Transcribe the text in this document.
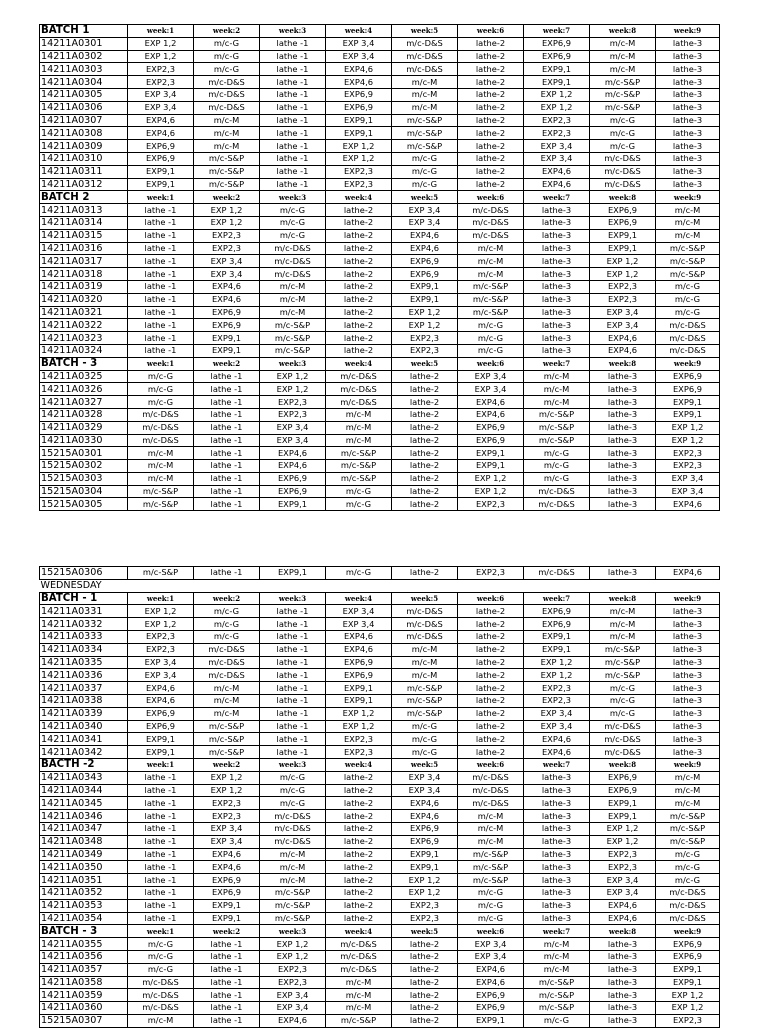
BATCH 1	week:1	week:2	week:3	week:4	week:5	week:6	week:7	week:8	week:9
14211A0301	EXP 1,2	m/c-G	lathe -1	EXP 3,4	m/c-D&S	lathe-2	EXP6,9	m/c-M	lathe-3
14211A0302	EXP 1,2	m/c-G	lathe -1	EXP 3,4	m/c-D&S	lathe-2	EXP6,9	m/c-M	lathe-3
14211A0303	EXP2,3	m/c-G	lathe -1	EXP4,6	m/c-D&S	lathe-2	EXP9,1	m/c-M	lathe-3
14211A0304	EXP2,3	m/c-D&S	lathe -1	EXP4,6	m/c-M	lathe-2	EXP9,1	m/c-S&P	lathe-3
14211A0305	EXP 3,4	m/c-D&S	lathe -1	EXP6,9	m/c-M	lathe-2	EXP 1,2	m/c-S&P	lathe-3
14211A0306	EXP 3,4	m/c-D&S	lathe -1	EXP6,9	m/c-M	lathe-2	EXP 1,2	m/c-S&P	lathe-3
14211A0307	EXP4,6	m/c-M	lathe -1	EXP9,1	m/c-S&P	lathe-2	EXP2,3	m/c-G	lathe-3
14211A0308	EXP4,6	m/c-M	lathe -1	EXP9,1	m/c-S&P	lathe-2	EXP2,3	m/c-G	lathe-3
14211A0309	EXP6,9	m/c-M	lathe -1	EXP 1,2	m/c-S&P	lathe-2	EXP 3,4	m/c-G	lathe-3
14211A0310	EXP6,9	m/c-S&P	lathe -1	EXP 1,2	m/c-G	lathe-2	EXP 3,4	m/c-D&S	lathe-3
14211A0311	EXP9,1	m/c-S&P	lathe -1	EXP2,3	m/c-G	lathe-2	EXP4,6	m/c-D&S	lathe-3
14211A0312	EXP9,1	m/c-S&P	lathe -1	EXP2,3	m/c-G	lathe-2	EXP4,6	m/c-D&S	lathe-3
BATCH 2	week:1	week:2	week:3	week:4	week:5	week:6	week:7	week:8	week:9
14211A0313	lathe -1	EXP 1,2	m/c-G	lathe-2	EXP 3,4	m/c-D&S	lathe-3	EXP6,9	m/c-M
14211A0314	lathe -1	EXP 1,2	m/c-G	lathe-2	EXP 3,4	m/c-D&S	lathe-3	EXP6,9	m/c-M
14211A0315	lathe -1	EXP2,3	m/c-G	lathe-2	EXP4,6	m/c-D&S	lathe-3	EXP9,1	m/c-M
14211A0316	lathe -1	EXP2,3	m/c-D&S	lathe-2	EXP4,6	m/c-M	lathe-3	EXP9,1	m/c-S&P
14211A0317	lathe -1	EXP 3,4	m/c-D&S	lathe-2	EXP6,9	m/c-M	lathe-3	EXP 1,2	m/c-S&P
14211A0318	lathe -1	EXP 3,4	m/c-D&S	lathe-2	EXP6,9	m/c-M	lathe-3	EXP 1,2	m/c-S&P
14211A0319	lathe -1	EXP4,6	m/c-M	lathe-2	EXP9,1	m/c-S&P	lathe-3	EXP2,3	m/c-G
14211A0320	lathe -1	EXP4,6	m/c-M	lathe-2	EXP9,1	m/c-S&P	lathe-3	EXP2,3	m/c-G
14211A0321	lathe -1	EXP6,9	m/c-M	lathe-2	EXP 1,2	m/c-S&P	lathe-3	EXP 3,4	m/c-G
14211A0322	lathe -1	EXP6,9	m/c-S&P	lathe-2	EXP 1,2	m/c-G	lathe-3	EXP 3,4	m/c-D&S
14211A0323	lathe -1	EXP9,1	m/c-S&P	lathe-2	EXP2,3	m/c-G	lathe-3	EXP4,6	m/c-D&S
14211A0324	lathe -1	EXP9,1	m/c-S&P	lathe-2	EXP2,3	m/c-G	lathe-3	EXP4,6	m/c-D&S
BATCH - 3	week:1	week:2	week:3	week:4	week:5	week:6	week:7	week:8	week:9
14211A0325	m/c-G	lathe -1	EXP 1,2	m/c-D&S	lathe-2	EXP 3,4	m/c-M	lathe-3	EXP6,9
14211A0326	m/c-G	lathe -1	EXP 1,2	m/c-D&S	lathe-2	EXP 3,4	m/c-M	lathe-3	EXP6,9
14211A0327	m/c-G	lathe -1	EXP2,3	m/c-D&S	lathe-2	EXP4,6	m/c-M	lathe-3	EXP9,1
14211A0328	m/c-D&S	lathe -1	EXP2,3	m/c-M	lathe-2	EXP4,6	m/c-S&P	lathe-3	EXP9,1
14211A0329	m/c-D&S	lathe -1	EXP 3,4	m/c-M	lathe-2	EXP6,9	m/c-S&P	lathe-3	EXP 1,2
14211A0330	m/c-D&S	lathe -1	EXP 3,4	m/c-M	lathe-2	EXP6,9	m/c-S&P	lathe-3	EXP 1,2
15215A0301	m/c-M	lathe -1	EXP4,6	m/c-S&P	lathe-2	EXP9,1	m/c-G	lathe-3	EXP2,3
15215A0302	m/c-M	lathe -1	EXP4,6	m/c-S&P	lathe-2	EXP9,1	m/c-G	lathe-3	EXP2,3
15215A0303	m/c-M	lathe -1	EXP6,9	m/c-S&P	lathe-2	EXP 1,2	m/c-G	lathe-3	EXP 3,4
15215A0304	m/c-S&P	lathe -1	EXP6,9	m/c-G	lathe-2	EXP 1,2	m/c-D&S	lathe-3	EXP 3,4
15215A0305	m/c-S&P	lathe -1	EXP9,1	m/c-G	lathe-2	EXP2,3	m/c-D&S	lathe-3	EXP4,6
15215A0306	m/c-S&P	lathe -1	EXP9,1	m/c-G	lathe-2	EXP2,3	m/c-D&S	lathe-3	EXP4,6
WEDNESDAY									
BATCH - 1	week:1	week:2	week:3	week:4	week:5	week:6	week:7	week:8	week:9
14211A0331	EXP 1,2	m/c-G	lathe -1	EXP 3,4	m/c-D&S	lathe-2	EXP6,9	m/c-M	lathe-3
14211A0332	EXP 1,2	m/c-G	lathe -1	EXP 3,4	m/c-D&S	lathe-2	EXP6,9	m/c-M	lathe-3
14211A0333	EXP2,3	m/c-G	lathe -1	EXP4,6	m/c-D&S	lathe-2	EXP9,1	m/c-M	lathe-3
14211A0334	EXP2,3	m/c-D&S	lathe -1	EXP4,6	m/c-M	lathe-2	EXP9,1	m/c-S&P	lathe-3
14211A0335	EXP 3,4	m/c-D&S	lathe -1	EXP6,9	m/c-M	lathe-2	EXP 1,2	m/c-S&P	lathe-3
14211A0336	EXP 3,4	m/c-D&S	lathe -1	EXP6,9	m/c-M	lathe-2	EXP 1,2	m/c-S&P	lathe-3
14211A0337	EXP4,6	m/c-M	lathe -1	EXP9,1	m/c-S&P	lathe-2	EXP2,3	m/c-G	lathe-3
14211A0338	EXP4,6	m/c-M	lathe -1	EXP9,1	m/c-S&P	lathe-2	EXP2,3	m/c-G	lathe-3
14211A0339	EXP6,9	m/c-M	lathe -1	EXP 1,2	m/c-S&P	lathe-2	EXP 3,4	m/c-G	lathe-3
14211A0340	EXP6,9	m/c-S&P	lathe -1	EXP 1,2	m/c-G	lathe-2	EXP 3,4	m/c-D&S	lathe-3
14211A0341	EXP9,1	m/c-S&P	lathe -1	EXP2,3	m/c-G	lathe-2	EXP4,6	m/c-D&S	lathe-3
14211A0342	EXP9,1	m/c-S&P	lathe -1	EXP2,3	m/c-G	lathe-2	EXP4,6	m/c-D&S	lathe-3
BACTH -2	week:1	week:2	week:3	week:4	week:5	week:6	week:7	week:8	week:9
14211A0343	lathe -1	EXP 1,2	m/c-G	lathe-2	EXP 3,4	m/c-D&S	lathe-3	EXP6,9	m/c-M
14211A0344	lathe -1	EXP 1,2	m/c-G	lathe-2	EXP 3,4	m/c-D&S	lathe-3	EXP6,9	m/c-M
14211A0345	lathe -1	EXP2,3	m/c-G	lathe-2	EXP4,6	m/c-D&S	lathe-3	EXP9,1	m/c-M
14211A0346	lathe -1	EXP2,3	m/c-D&S	lathe-2	EXP4,6	m/c-M	lathe-3	EXP9,1	m/c-S&P
14211A0347	lathe -1	EXP 3,4	m/c-D&S	lathe-2	EXP6,9	m/c-M	lathe-3	EXP 1,2	m/c-S&P
14211A0348	lathe -1	EXP 3,4	m/c-D&S	lathe-2	EXP6,9	m/c-M	lathe-3	EXP 1,2	m/c-S&P
14211A0349	lathe -1	EXP4,6	m/c-M	lathe-2	EXP9,1	m/c-S&P	lathe-3	EXP2,3	m/c-G
14211A0350	lathe -1	EXP4,6	m/c-M	lathe-2	EXP9,1	m/c-S&P	lathe-3	EXP2,3	m/c-G
14211A0351	lathe -1	EXP6,9	m/c-M	lathe-2	EXP 1,2	m/c-S&P	lathe-3	EXP 3,4	m/c-G
14211A0352	lathe -1	EXP6,9	m/c-S&P	lathe-2	EXP 1,2	m/c-G	lathe-3	EXP 3,4	m/c-D&S
14211A0353	lathe -1	EXP9,1	m/c-S&P	lathe-2	EXP2,3	m/c-G	lathe-3	EXP4,6	m/c-D&S
14211A0354	lathe -1	EXP9,1	m/c-S&P	lathe-2	EXP2,3	m/c-G	lathe-3	EXP4,6	m/c-D&S
BATCH - 3	week:1	week:2	week:3	week:4	week:5	week:6	week:7	week:8	week:9
14211A0355	m/c-G	lathe -1	EXP 1,2	m/c-D&S	lathe-2	EXP 3,4	m/c-M	lathe-3	EXP6,9
14211A0356	m/c-G	lathe -1	EXP 1,2	m/c-D&S	lathe-2	EXP 3,4	m/c-M	lathe-3	EXP6,9
14211A0357	m/c-G	lathe -1	EXP2,3	m/c-D&S	lathe-2	EXP4,6	m/c-M	lathe-3	EXP9,1
14211A0358	m/c-D&S	lathe -1	EXP2,3	m/c-M	lathe-2	EXP4,6	m/c-S&P	lathe-3	EXP9,1
14211A0359	m/c-D&S	lathe -1	EXP 3,4	m/c-M	lathe-2	EXP6,9	m/c-S&P	lathe-3	EXP 1,2
14211A0360	m/c-D&S	lathe -1	EXP 3,4	m/c-M	lathe-2	EXP6,9	m/c-S&P	lathe-3	EXP 1,2
15215A0307	m/c-M	lathe -1	EXP4,6	m/c-S&P	lathe-2	EXP9,1	m/c-G	lathe-3	EXP2,3
